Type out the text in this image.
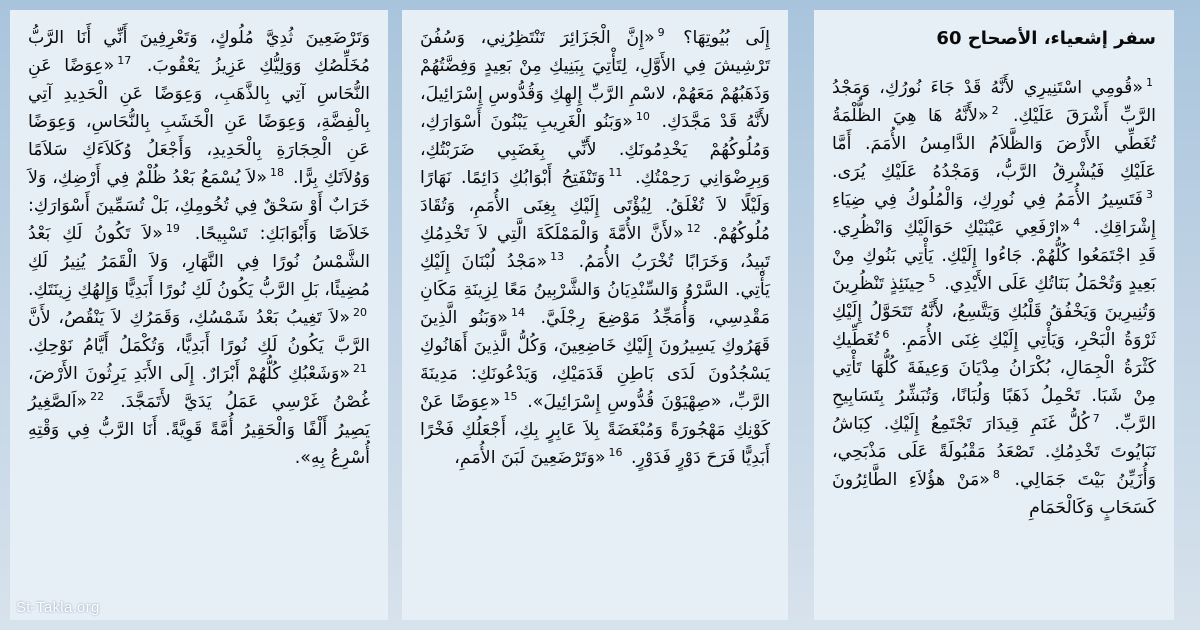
سفر إشعياء، الأصحاح 60

$^1$«قُومِي اسْتَنِيرِي لأَنَّهُ قَدْ جَاءَ نُورُكِ، وَمَجْدُ الرَّبِّ أَشْرَقَ عَلَيْكِ. $^2$«لأَنَّهُ هَا هِيَ الظُّلْمَةُ تُغَطِّي الأَرْضَ وَالظَّلاَمُ الدَّامِسُ الأُمَمَ. أَمَّا عَلَيْكِ فَيُشْرِقُ الرَّبُّ، وَمَجْدُهُ عَلَيْكِ يُرَى. $^3$فَتَسِيرُ الأُمَمُ فِي نُورِكِ، وَالْمُلُوكُ فِي ضِيَاءِ إِشْرَاقِكِ. $^4$«ارْفَعِي عَيْنَيْكِ حَوَالَيْكِ وَانْظُرِي. قَدِ اجْتَمَعُوا كُلُّهُمْ. جَاءُوا إِلَيْكِ. يَأْتِي بَنُوكِ مِنْ بَعِيدٍ وَتُحْمَلُ بَنَاتُكِ عَلَى الأَيْدِي. $^5$حِينَئِذٍ تَنْظُرِينَ وَتُنِيرِينَ وَيَخْفُقُ قَلْبُكِ وَيَتَّسِعُ، لأَنَّهُ تَتَحَوَّلُ إِلَيْكِ ثَرْوَةُ الْبَحْرِ، وَيَأْتِي إِلَيْكِ غِنَى الأُمَمِ. $^6$تُغَطِّيكِ كَثْرَةُ الْجِمَالِ، بُكْرَانُ مِدْيَانَ وَعِيفَةَ كُلُّهَا تَأْتِي مِنْ شَبَا. تَحْمِلُ ذَهَبًا وَلُبَانًا، وَتُبَشِّرُ بِتَسَابِيحِ الرَّبِّ. $^7$كُلُّ غَنَمِ قِيدَارَ تَجْتَمِعُ إِلَيْكِ. كِبَاشُ نَبَايُوتَ تَخْدِمُكِ. تَصْعَدُ مَقْبُولَةً عَلَى مَذْبَحِي، وَأُزَيِّنُ بَيْتَ جَمَالِي. $^8$«مَنْ هؤُلاَءِ الطَّائِرُونَ كَسَحَابٍ وَكَالْحَمَامِ

إِلَى بُيُوتِهَا؟ $^9$«إِنَّ الْجَزَائِرَ تَنْتَظِرُنِي، وَسُفُنَ تَرْشِيشَ فِي الأَوَّلِ، لِتَأْتِيَ بِبَنِيكِ مِنْ بَعِيدٍ وَفِضَّتُهُمْ وَذَهَبُهُمْ مَعَهُمْ، لاسْمِ الرَّبِّ إِلهِكِ وَقُدُّوسِ إِسْرَائِيلَ، لأَنَّهُ قَدْ مَجَّدَكِ. $^{10}$«وَبَنُو الْغَرِيبِ يَبْنُونَ أَسْوَارَكِ، وَمُلُوكُهُمْ يَخْدِمُونَكِ. لأَنِّي بِغَضَبِي ضَرَبْتُكِ، وَبِرِضْوَانِي رَحِمْتُكِ. $^{11}$وَتَنْفَتِحُ أَبْوَابُكِ دَائِمًا. نَهَارًا وَلَيْلًا لاَ تُغْلَقُ. لِيُؤْتَى إِلَيْكِ بِغِنَى الأُمَمِ، وَتُقَادَ مُلُوكُهُمْ. $^{12}$«لأَنَّ الأُمَّةَ وَالْمَمْلَكَةَ الَّتِي لاَ تَخْدِمُكِ تَبِيدُ، وَخَرَابًا تُخْرَبُ الأُمَمُ. $^{13}$«مَجْدُ لُبْنَانَ إِلَيْكِ يَأْتِي. السَّرْوُ وَالسِّنْدِيَانُ وَالشَّرْبِينُ مَعًا لِزِينَةِ مَكَانِ مَقْدِسِي، وَأُمَجِّدُ مَوْضِعَ رِجْلَيَّ. $^{14}$«وَبَنُو الَّذِينَ قَهَرُوكِ يَسِيرُونَ إِلَيْكِ خَاضِعِينَ، وَكُلُّ الَّذِينَ أَهَانُوكِ يَسْجُدُونَ لَدَى بَاطِنِ قَدَمَيْكِ، وَيَدْعُونَكِ: مَدِينَةَ الرَّبِّ، «صِهْيَوْنَ قُدُّوسِ إِسْرَائِيلَ». $^{15}$«عِوَضًا عَنْ كَوْنِكِ مَهْجُورَةً وَمُبْغَضَةً بِلاَ عَابِرٍ بِكِ، أَجْعَلُكِ فَخْرًا أَبَدِيًّا فَرَحَ دَوْرٍ فَدَوْرٍ. $^{16}$«وَتَرْضَعِينَ لَبَنَ الأُمَمِ،

وَتَرْضَعِينَ ثُدِيَّ مُلُوكٍ، وَتَعْرِفِينَ أَنِّي أَنَا الرَّبُّ مُخَلِّصُكِ وَوَلِيُّكِ عَزِيزُ يَعْقُوبَ. $^{17}$«عِوَضًا عَنِ النُّحَاسِ آتِي بِالذَّهَبِ، وَعِوَضًا عَنِ الْحَدِيدِ آتِي بِالْفِضَّةِ، وَعِوَضًا عَنِ الْخَشَبِ بِالنُّحَاسِ، وَعِوَضًا عَنِ الْحِجَارَةِ بِالْحَدِيدِ، وَأَجْعَلُ وُكَلاَءَكِ سَلاَمًا وَوُلاَتَكِ بِرًّا. $^{18}$«لاَ يُسْمَعُ بَعْدُ ظُلْمٌ فِي أَرْضِكِ، وَلاَ خَرَابٌ أَوْ سَحْقٌ فِي تُخُومِكِ، بَلْ تُسَمِّينَ أَسْوَارَكِ: خَلاَصًا وَأَبْوَابَكِ: تَسْبِيحًا. $^{19}$«لاَ تَكُونُ لَكِ بَعْدُ الشَّمْسُ نُورًا فِي النَّهَارِ، وَلاَ الْقَمَرُ يُنِيرُ لَكِ مُضِيئًا، بَلِ الرَّبُّ يَكُونُ لَكِ نُورًا أَبَدِيًّا وَإِلهُكِ زِينَتَكِ. $^{20}$«لاَ تَغِيبُ بَعْدُ شَمْسُكِ، وَقَمَرُكِ لاَ يَنْقُصُ، لأَنَّ الرَّبَّ يَكُونُ لَكِ نُورًا أَبَدِيًّا، وَتُكْمَلُ أَيَّامُ نَوْحِكِ. $^{21}$«وَشَعْبُكِ كُلُّهُمْ أَبْرَارٌ. إِلَى الأَبَدِ يَرِثُونَ الأَرْضَ، غُصْنُ غَرْسِي عَمَلُ يَدَيَّ لأَتَمَجَّدَ. $^{22}$«اَلصَّغِيرُ يَصِيرُ أَلْفًا وَالْحَقِيرُ أُمَّةً قَوِيَّةً. أَنَا الرَّبُّ فِي وَقْتِهِ أُسْرِعُ بِهِ».

St-Takla.org
